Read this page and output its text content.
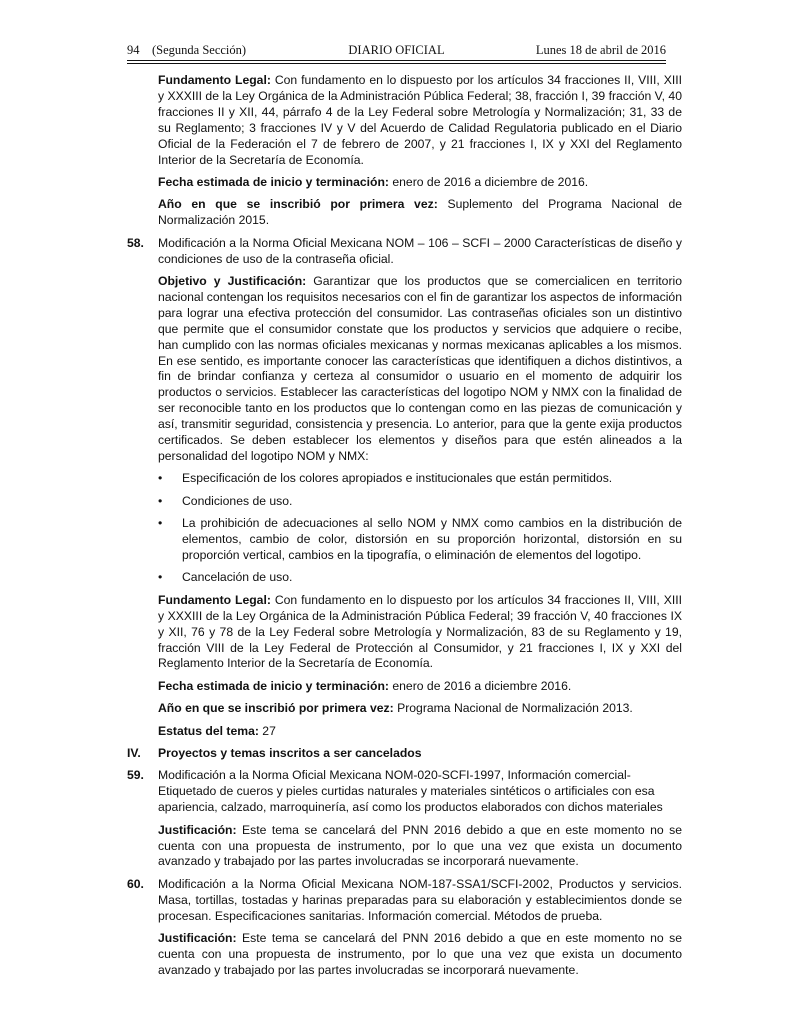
94 (Segunda Sección)	DIARIO OFICIAL	Lunes 18 de abril de 2016
Fundamento Legal: Con fundamento en lo dispuesto por los artículos 34 fracciones II, VIII, XIII y XXXIII de la Ley Orgánica de la Administración Pública Federal; 38, fracción I, 39 fracción V, 40 fracciones II y XII, 44, párrafo 4 de la Ley Federal sobre Metrología y Normalización; 31, 33 de su Reglamento; 3 fracciones IV y V del Acuerdo de Calidad Regulatoria publicado en el Diario Oficial de la Federación el 7 de febrero de 2007, y 21 fracciones I, IX y XXI del Reglamento Interior de la Secretaría de Economía.
Fecha estimada de inicio y terminación: enero de 2016 a diciembre de 2016.
Año en que se inscribió por primera vez: Suplemento del Programa Nacional de Normalización 2015.
58.	Modificación a la Norma Oficial Mexicana NOM – 106 – SCFI – 2000 Características de diseño y condiciones de uso de la contraseña oficial.
Objetivo y Justificación: Garantizar que los productos que se comercialicen en territorio nacional contengan los requisitos necesarios con el fin de garantizar los aspectos de información para lograr una efectiva protección del consumidor. Las contraseñas oficiales son un distintivo que permite que el consumidor constate que los productos y servicios que adquiere o recibe, han cumplido con las normas oficiales mexicanas y normas mexicanas aplicables a los mismos. En ese sentido, es importante conocer las características que identifiquen a dichos distintivos, a fin de brindar confianza y certeza al consumidor o usuario en el momento de adquirir los productos o servicios. Establecer las características del logotipo NOM y NMX con la finalidad de ser reconocible tanto en los productos que lo contengan como en las piezas de comunicación y así, transmitir seguridad, consistencia y presencia. Lo anterior, para que la gente exija productos certificados. Se deben establecer los elementos y diseños para que estén alineados a la personalidad del logotipo NOM y NMX:
•	Especificación de los colores apropiados e institucionales que están permitidos.
•	Condiciones de uso.
•	La prohibición de adecuaciones al sello NOM y NMX como cambios en la distribución de elementos, cambio de color, distorsión en su proporción horizontal, distorsión en su proporción vertical, cambios en la tipografía, o eliminación de elementos del logotipo.
•	Cancelación de uso.
Fundamento Legal: Con fundamento en lo dispuesto por los artículos 34 fracciones II, VIII, XIII y XXXIII de la Ley Orgánica de la Administración Pública Federal; 39 fracción V, 40 fracciones IX y XII, 76 y 78 de la Ley Federal sobre Metrología y Normalización, 83 de su Reglamento y 19, fracción VIII de la Ley Federal de Protección al Consumidor, y 21 fracciones I, IX y XXI del Reglamento Interior de la Secretaría de Economía.
Fecha estimada de inicio y terminación: enero de 2016 a diciembre 2016.
Año en que se inscribió por primera vez: Programa Nacional de Normalización 2013.
Estatus del tema: 27
IV.	Proyectos y temas inscritos a ser cancelados
59.	Modificación a la Norma Oficial Mexicana NOM-020-SCFI-1997, Información comercial-Etiquetado de cueros y pieles curtidas naturales y materiales sintéticos o artificiales con esa apariencia, calzado, marroquinería, así como los productos elaborados con dichos materiales
Justificación: Este tema se cancelará del PNN 2016 debido a que en este momento no se cuenta con una propuesta de instrumento, por lo que una vez que exista un documento avanzado y trabajado por las partes involucradas se incorporará nuevamente.
60.	Modificación a la Norma Oficial Mexicana NOM-187-SSA1/SCFI-2002, Productos y servicios. Masa, tortillas, tostadas y harinas preparadas para su elaboración y establecimientos donde se procesan. Especificaciones sanitarias. Información comercial. Métodos de prueba.
Justificación: Este tema se cancelará del PNN 2016 debido a que en este momento no se cuenta con una propuesta de instrumento, por lo que una vez que exista un documento avanzado y trabajado por las partes involucradas se incorporará nuevamente.
